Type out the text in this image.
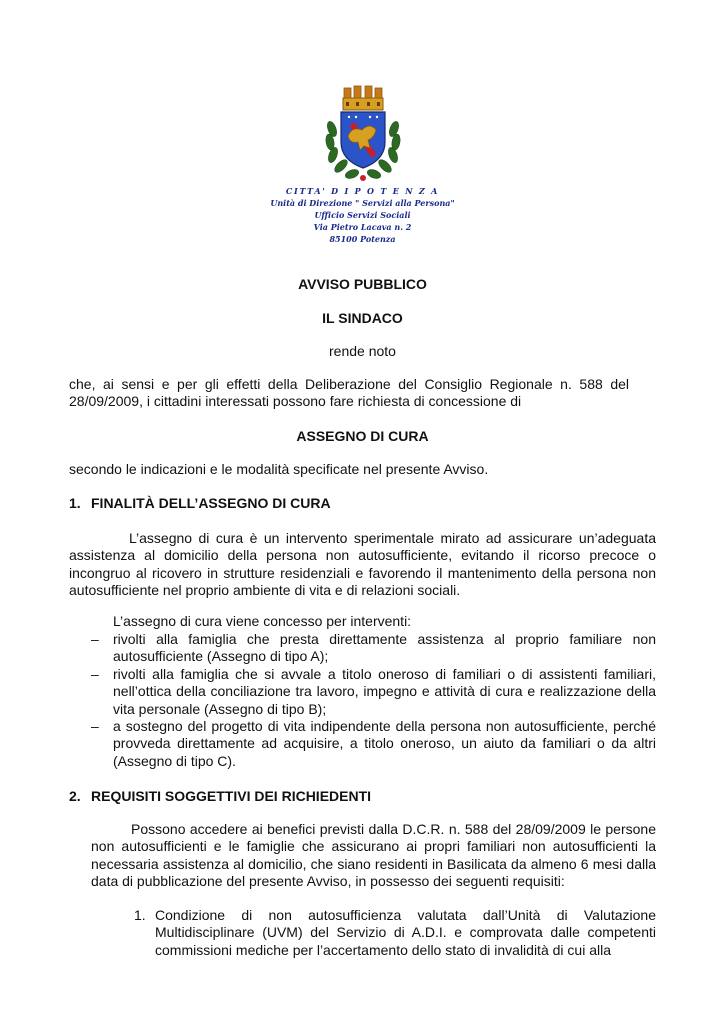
CITTA' D I P O T E N Z A
Unità di Direzione " Servizi alla Persona"
Ufficio Servizi Sociali
Via Pietro Lacava n. 2
85100 Potenza
AVVISO PUBBLICO
IL SINDACO
rende noto
che, ai sensi e per gli effetti della Deliberazione del Consiglio Regionale n. 588 del 28/09/2009, i cittadini interessati possono fare richiesta di concessione di
ASSEGNO DI CURA
secondo le indicazioni e le modalità specificate nel presente Avviso.
1. FINALITÀ DELL’ASSEGNO DI CURA
L’assegno di cura è un intervento sperimentale mirato ad assicurare un’adeguata assistenza al domicilio della persona non autosufficiente, evitando il ricorso precoce o incongruo al ricovero in strutture residenziali e favorendo il mantenimento della persona non autosufficiente nel proprio ambiente di vita e di relazioni sociali.
L’assegno di cura viene concesso per interventi:
– rivolti alla famiglia che presta direttamente assistenza al proprio familiare non autosufficiente (Assegno di tipo A);
– rivolti alla famiglia che si avvale a titolo oneroso di familiari o di assistenti familiari, nell’ottica della conciliazione tra lavoro, impegno e attività di cura e realizzazione della vita personale (Assegno di tipo B);
– a sostegno del progetto di vita indipendente della persona non autosufficiente, perché provveda direttamente ad acquisire, a titolo oneroso, un aiuto da familiari o da altri (Assegno di tipo C).
2. REQUISITI SOGGETTIVI DEI RICHIEDENTI
Possono accedere ai benefici previsti dalla D.C.R. n. 588 del 28/09/2009 le persone non autosufficienti e le famiglie che assicurano ai propri familiari non autosufficienti la necessaria assistenza al domicilio, che siano residenti in Basilicata da almeno 6 mesi dalla data di pubblicazione del presente Avviso, in possesso dei seguenti requisiti:
1. Condizione di non autosufficienza valutata dall’Unità di Valutazione Multidisciplinare (UVM) del Servizio di A.D.I. e comprovata dalle competenti commissioni mediche per l’accertamento dello stato di invalidità di cui alla
